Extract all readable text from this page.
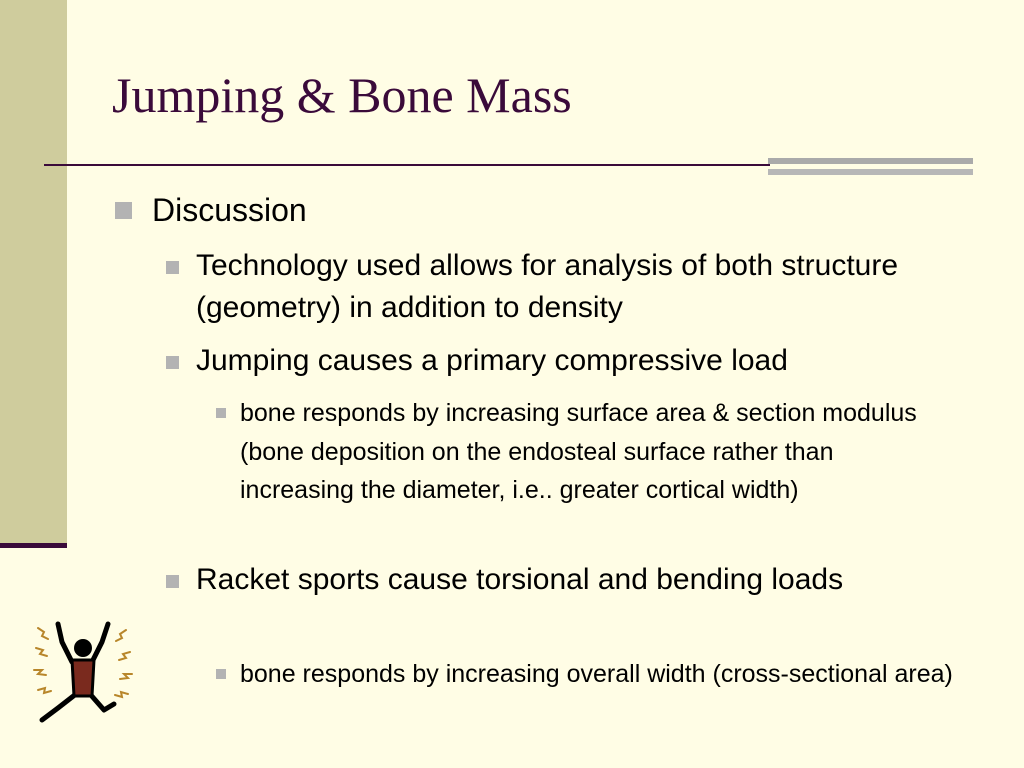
Jumping & Bone Mass
Discussion
Technology used allows for analysis of both structure (geometry) in addition to density
Jumping causes a primary compressive load
bone responds by increasing surface area & section modulus (bone deposition on the endosteal surface rather than increasing the diameter, i.e.. greater cortical width)
Racket sports cause torsional and bending loads
bone responds by increasing overall width (cross-sectional area)
